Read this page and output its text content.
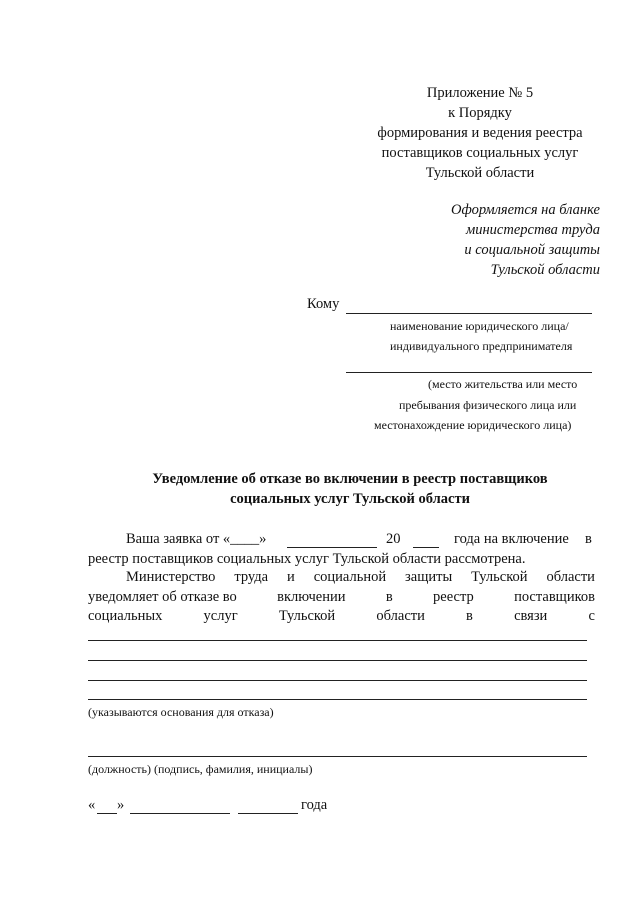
Приложение № 5
к Порядку
формирования и ведения реестра
поставщиков социальных услуг
Тульской области
Оформляется на бланке
министерства труда
и социальной защиты
Тульской области
Кому
наименование юридического лица/
индивидуального предпринимателя
(место жительства или место
пребывания физического лица или
местонахождение юридического лица)
Уведомление об отказе во включении в реестр поставщиков
социальных услуг Тульской области
Ваша заявка от «____»	20	года на включение в
реестр поставщиков социальных услуг Тульской области рассмотрена.
Министерство труда и социальной защиты Тульской области
уведомляет об отказе во	включении	в	реестр	поставщиков
социальных	услуг	Тульской	области	в	связи	с
(указываются основания для отказа)
(должность) (подпись, фамилия, инициалы)
« »	года
